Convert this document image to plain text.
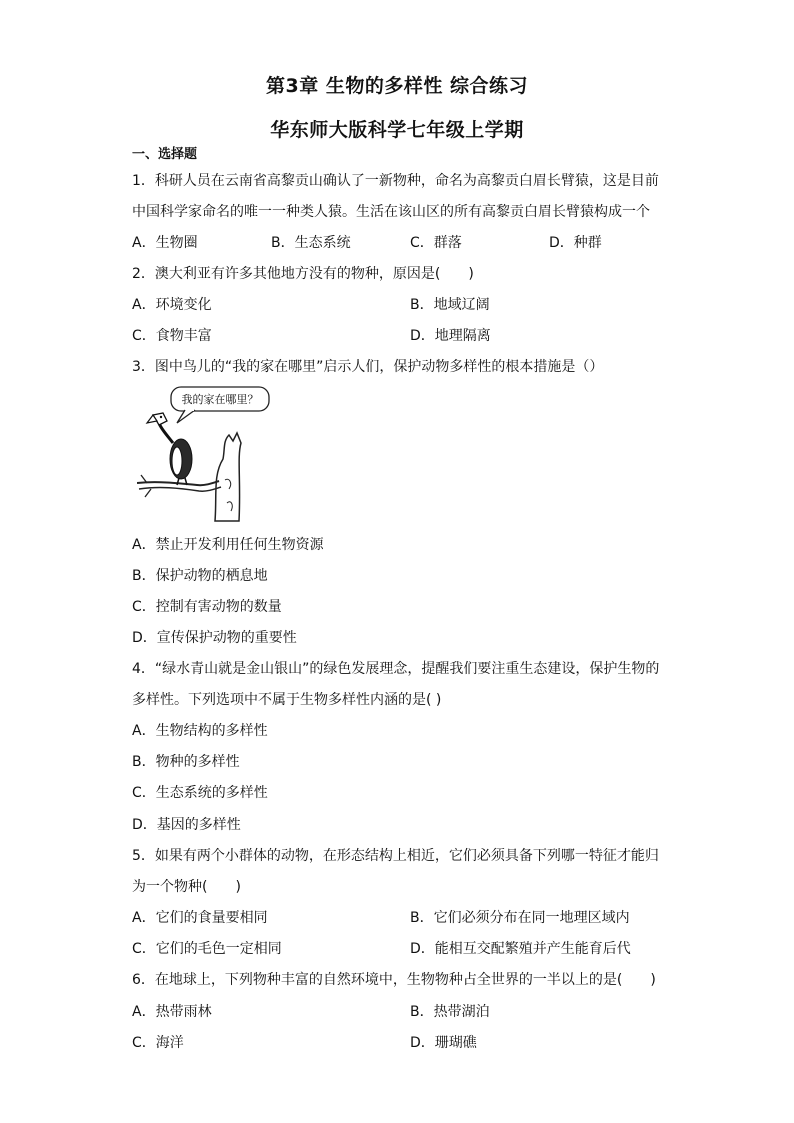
第3章 生物的多样性 综合练习
华东师大版科学七年级上学期
一、选择题
1．科研人员在云南省高黎贡山确认了一新物种，命名为高黎贡白眉长臂猿，这是目前
中国科学家命名的唯一一种类人猿。生活在该山区的所有高黎贡白眉长臂猿构成一个
A．生物圈	B．生态系统	C．群落	D．种群
2．澳大利亚有许多其他地方没有的物种，原因是(　　)
A．环境变化	B．地域辽阔
C．食物丰富	D．地理隔离
3．图中鸟儿的“我的家在哪里”启示人们，保护动物多样性的根本措施是（）
我的家在哪里？
A．禁止开发利用任何生物资源
B．保护动物的栖息地
C．控制有害动物的数量
D．宣传保护动物的重要性
4．“绿水青山就是金山银山”的绿色发展理念，提醒我们要注重生态建设，保护生物的
多样性。下列选项中不属于生物多样性内涵的是( )
A．生物结构的多样性
B．物种的多样性
C．生态系统的多样性
D．基因的多样性
5．如果有两个小群体的动物，在形态结构上相近，它们必须具备下列哪一特征才能归
为一个物种(　　)
A．它们的食量要相同	B．它们必须分布在同一地理区域内
C．它们的毛色一定相同	D．能相互交配繁殖并产生能育后代
6．在地球上，下列物种丰富的自然环境中，生物物种占全世界的一半以上的是(　　)
A．热带雨林	B．热带湖泊
C．海洋	D．珊瑚礁
